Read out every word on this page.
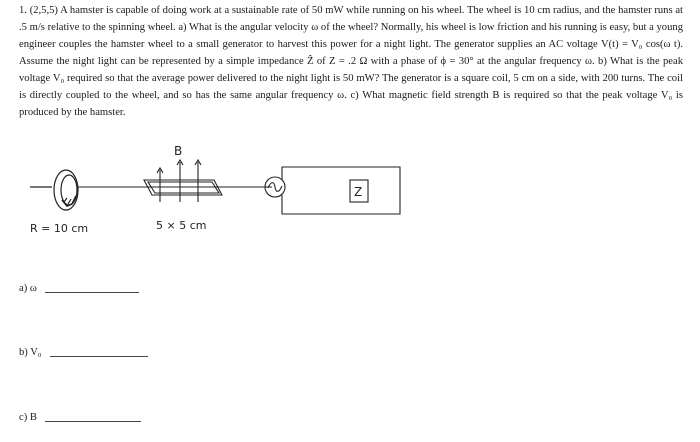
1. (2,5,5) A hamster is capable of doing work at a sustainable rate of 50 mW while running on his wheel. The wheel is 10 cm radius, and the hamster runs at .5 m/s relative to the spinning wheel. a) What is the angular velocity ω of the wheel? Normally, his wheel is low friction and his running is easy, but a young engineer couples the hamster wheel to a small generator to harvest this power for a night light. The generator supplies an AC voltage V(t) = V₀ cos(ω t). Assume the night light can be represented by a simple impedance Ẑ of Z = .2 Ω with a phase of ϕ = 30° at the angular frequency ω. b) What is the peak voltage V₀ required so that the average power delivered to the night light is 50 mW? The generator is a square coil, 5 cm on a side, with 200 turns. The coil is directly coupled to the wheel, and so has the same angular frequency ω. c) What magnetic field strength B is required so that the peak voltage V₀ is produced by the hamster.

B
Z
R = 10 cm	5 × 5 cm
a) ω
b) V₀
c) B
